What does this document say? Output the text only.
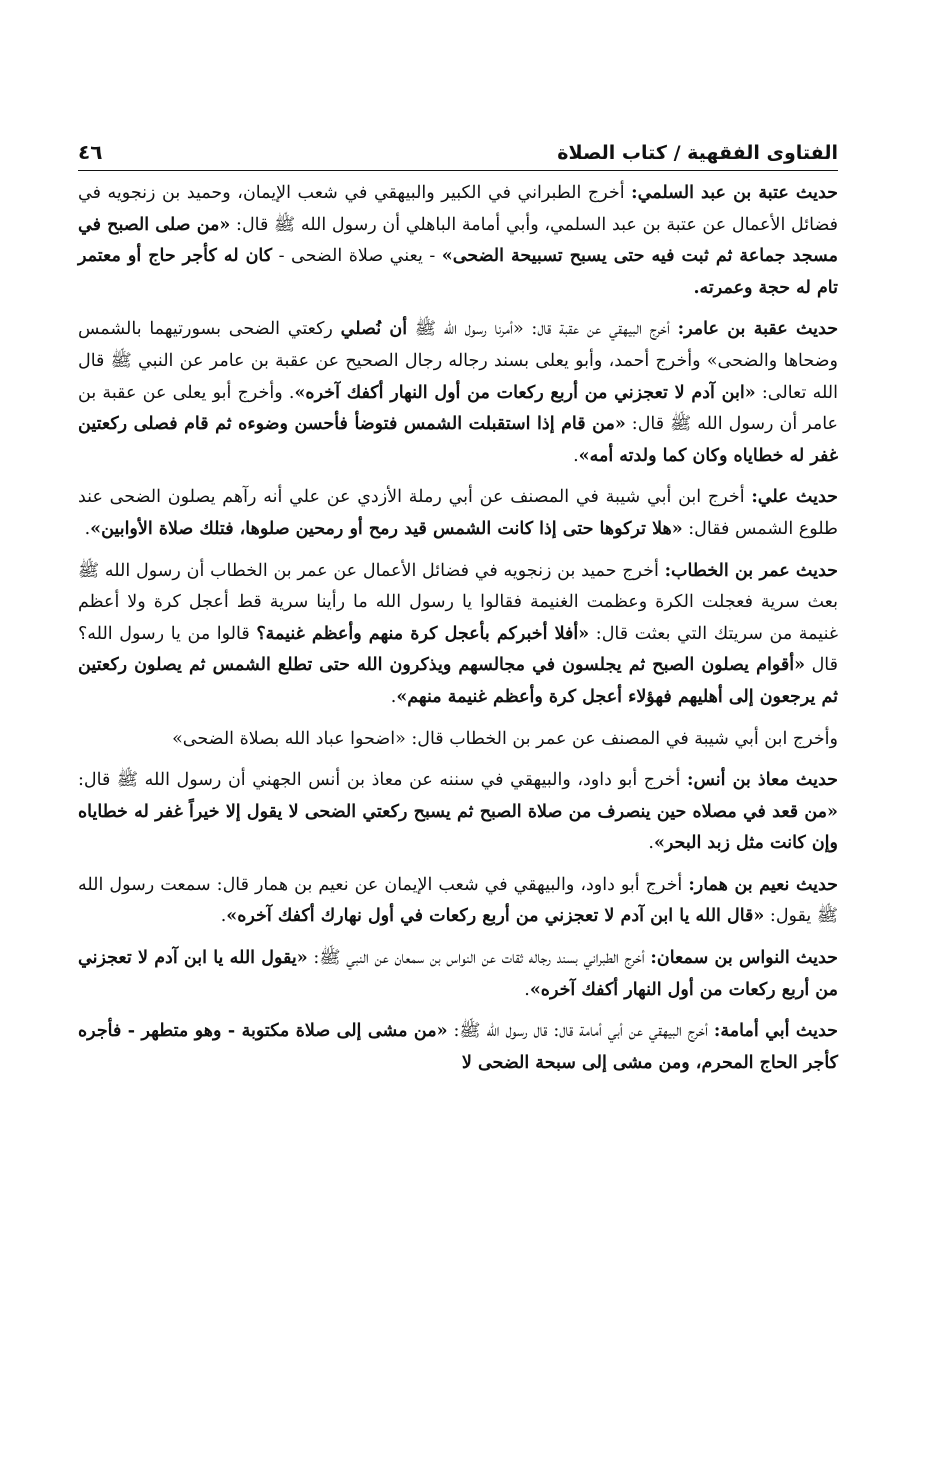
الفتاوى الفقهية / كتاب الصلاة
٤٦

حديث عتبة بن عبد السلمي: أخرج الطبراني في الكبير والبيهقي في شعب الإيمان، وحميد بن زنجويه في فضائل الأعمال عن عتبة بن عبد السلمي، وأبي أمامة الباهلي أن رسول الله ﷺ قال: «من صلى الصبح في مسجد جماعة ثم ثبت فيه حتى يسبح تسبيحة الضحى» - يعني صلاة الضحى - كان له كأجر حاج أو معتمر تام له حجة وعمرته.

حديث عقبة بن عامر: أخرج البيهقي عن عقبة قال: «أمرنا رسول الله ﷺ أن نُصلي ركعتي الضحى بسورتيهما بالشمس وضحاها والضحى» وأخرج أحمد، وأبو يعلى بسند رجاله رجال الصحيح عن عقبة بن عامر عن النبي ﷺ قال الله تعالى: «ابن آدم لا تعجزني من أربع ركعات من أول النهار أكفك آخره». وأخرج أبو يعلى عن عقبة بن عامر أن رسول الله ﷺ قال: «من قام إذا استقبلت الشمس فتوضأ فأحسن وضوءه ثم قام فصلى ركعتين غفر له خطاياه وكان كما ولدته أمه».

حديث علي: أخرج ابن أبي شيبة في المصنف عن أبي رملة الأزدي عن علي أنه رآهم يصلون الضحى عند طلوع الشمس فقال: «هلا تركوها حتى إذا كانت الشمس قيد رمح أو رمحين صلوها، فتلك صلاة الأوابين».

حديث عمر بن الخطاب: أخرج حميد بن زنجويه في فضائل الأعمال عن عمر بن الخطاب أن رسول الله ﷺ بعث سرية فعجلت الكرة وعظمت الغنيمة فقالوا يا رسول الله ما رأينا سرية قط أعجل كرة ولا أعظم غنيمة من سريتك التي بعثت قال: «أفلا أخبركم بأعجل كرة منهم وأعظم غنيمة؟ قالوا من يا رسول الله؟ قال «أقوام يصلون الصبح ثم يجلسون في مجالسهم ويذكرون الله حتى تطلع الشمس ثم يصلون ركعتين ثم يرجعون إلى أهليهم فهؤلاء أعجل كرة وأعظم غنيمة منهم».

وأخرج ابن أبي شيبة في المصنف عن عمر بن الخطاب قال: «اضحوا عباد الله بصلاة الضحى»

حديث معاذ بن أنس: أخرج أبو داود، والبيهقي في سننه عن معاذ بن أنس الجهني أن رسول الله ﷺ قال: «من قعد في مصلاه حين ينصرف من صلاة الصبح ثم يسبح ركعتي الضحى لا يقول إلا خيراً غفر له خطاياه وإن كانت مثل زبد البحر».

حديث نعيم بن همار: أخرج أبو داود، والبيهقي في شعب الإيمان عن نعيم بن همار قال: سمعت رسول الله ﷺ يقول: «قال الله يا ابن آدم لا تعجزني من أربع ركعات في أول نهارك أكفك آخره».

حديث النواس بن سمعان: أخرج الطبراني بسند رجاله ثقات عن النواس بن سمعان عن النبي ﷺ: «يقول الله يا ابن آدم لا تعجزني من أربع ركعات من أول النهار أكفك آخره».

حديث أبي أمامة: أخرج البيهقي عن أبي أمامة قال: قال رسول الله ﷺ: «من مشى إلى صلاة مكتوبة - وهو متطهر - فأجره كأجر الحاج المحرم، ومن مشى إلى سبحة الضحى لا
